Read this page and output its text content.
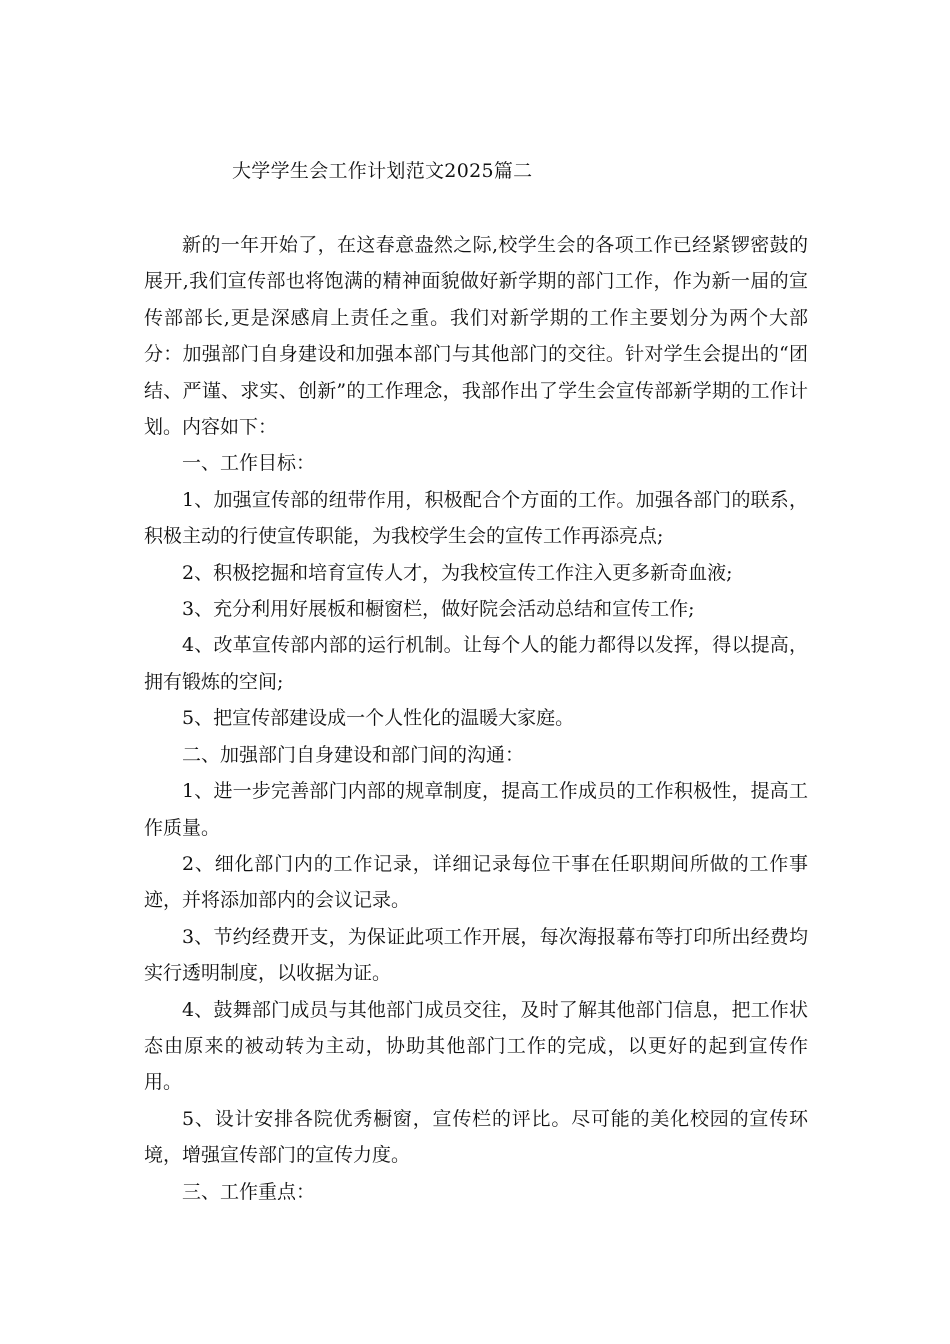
大学学生会工作计划范文2025篇二

新的一年开始了，在这春意盎然之际,校学生会的各项工作已经紧锣密鼓的展开,我们宣传部也将饱满的精神面貌做好新学期的部门工作，作为新一届的宣传部部长,更是深感肩上责任之重。我们对新学期的工作主要划分为两个大部分：加强部门自身建设和加强本部门与其他部门的交往。针对学生会提出的“团结、严谨、求实、创新”的工作理念，我部作出了学生会宣传部新学期的工作计划。内容如下：

一、工作目标：

1、加强宣传部的纽带作用，积极配合个方面的工作。加强各部门的联系，积极主动的行使宣传职能，为我校学生会的宣传工作再添亮点;

2、积极挖掘和培育宣传人才，为我校宣传工作注入更多新奇血液;

3、充分利用好展板和橱窗栏，做好院会活动总结和宣传工作;

4、改革宣传部内部的运行机制。让每个人的能力都得以发挥，得以提高，拥有锻炼的空间;

5、把宣传部建设成一个人性化的温暖大家庭。

二、加强部门自身建设和部门间的沟通：

1、进一步完善部门内部的规章制度，提高工作成员的工作积极性，提高工作质量。

2、细化部门内的工作记录，详细记录每位干事在任职期间所做的工作事迹，并将添加部内的会议记录。

3、节约经费开支，为保证此项工作开展，每次海报幕布等打印所出经费均实行透明制度，以收据为证。

4、鼓舞部门成员与其他部门成员交往，及时了解其他部门信息，把工作状态由原来的被动转为主动，协助其他部门工作的完成，以更好的起到宣传作用。

5、设计安排各院优秀橱窗，宣传栏的评比。尽可能的美化校园的宣传环境，增强宣传部门的宣传力度。

三、工作重点：
